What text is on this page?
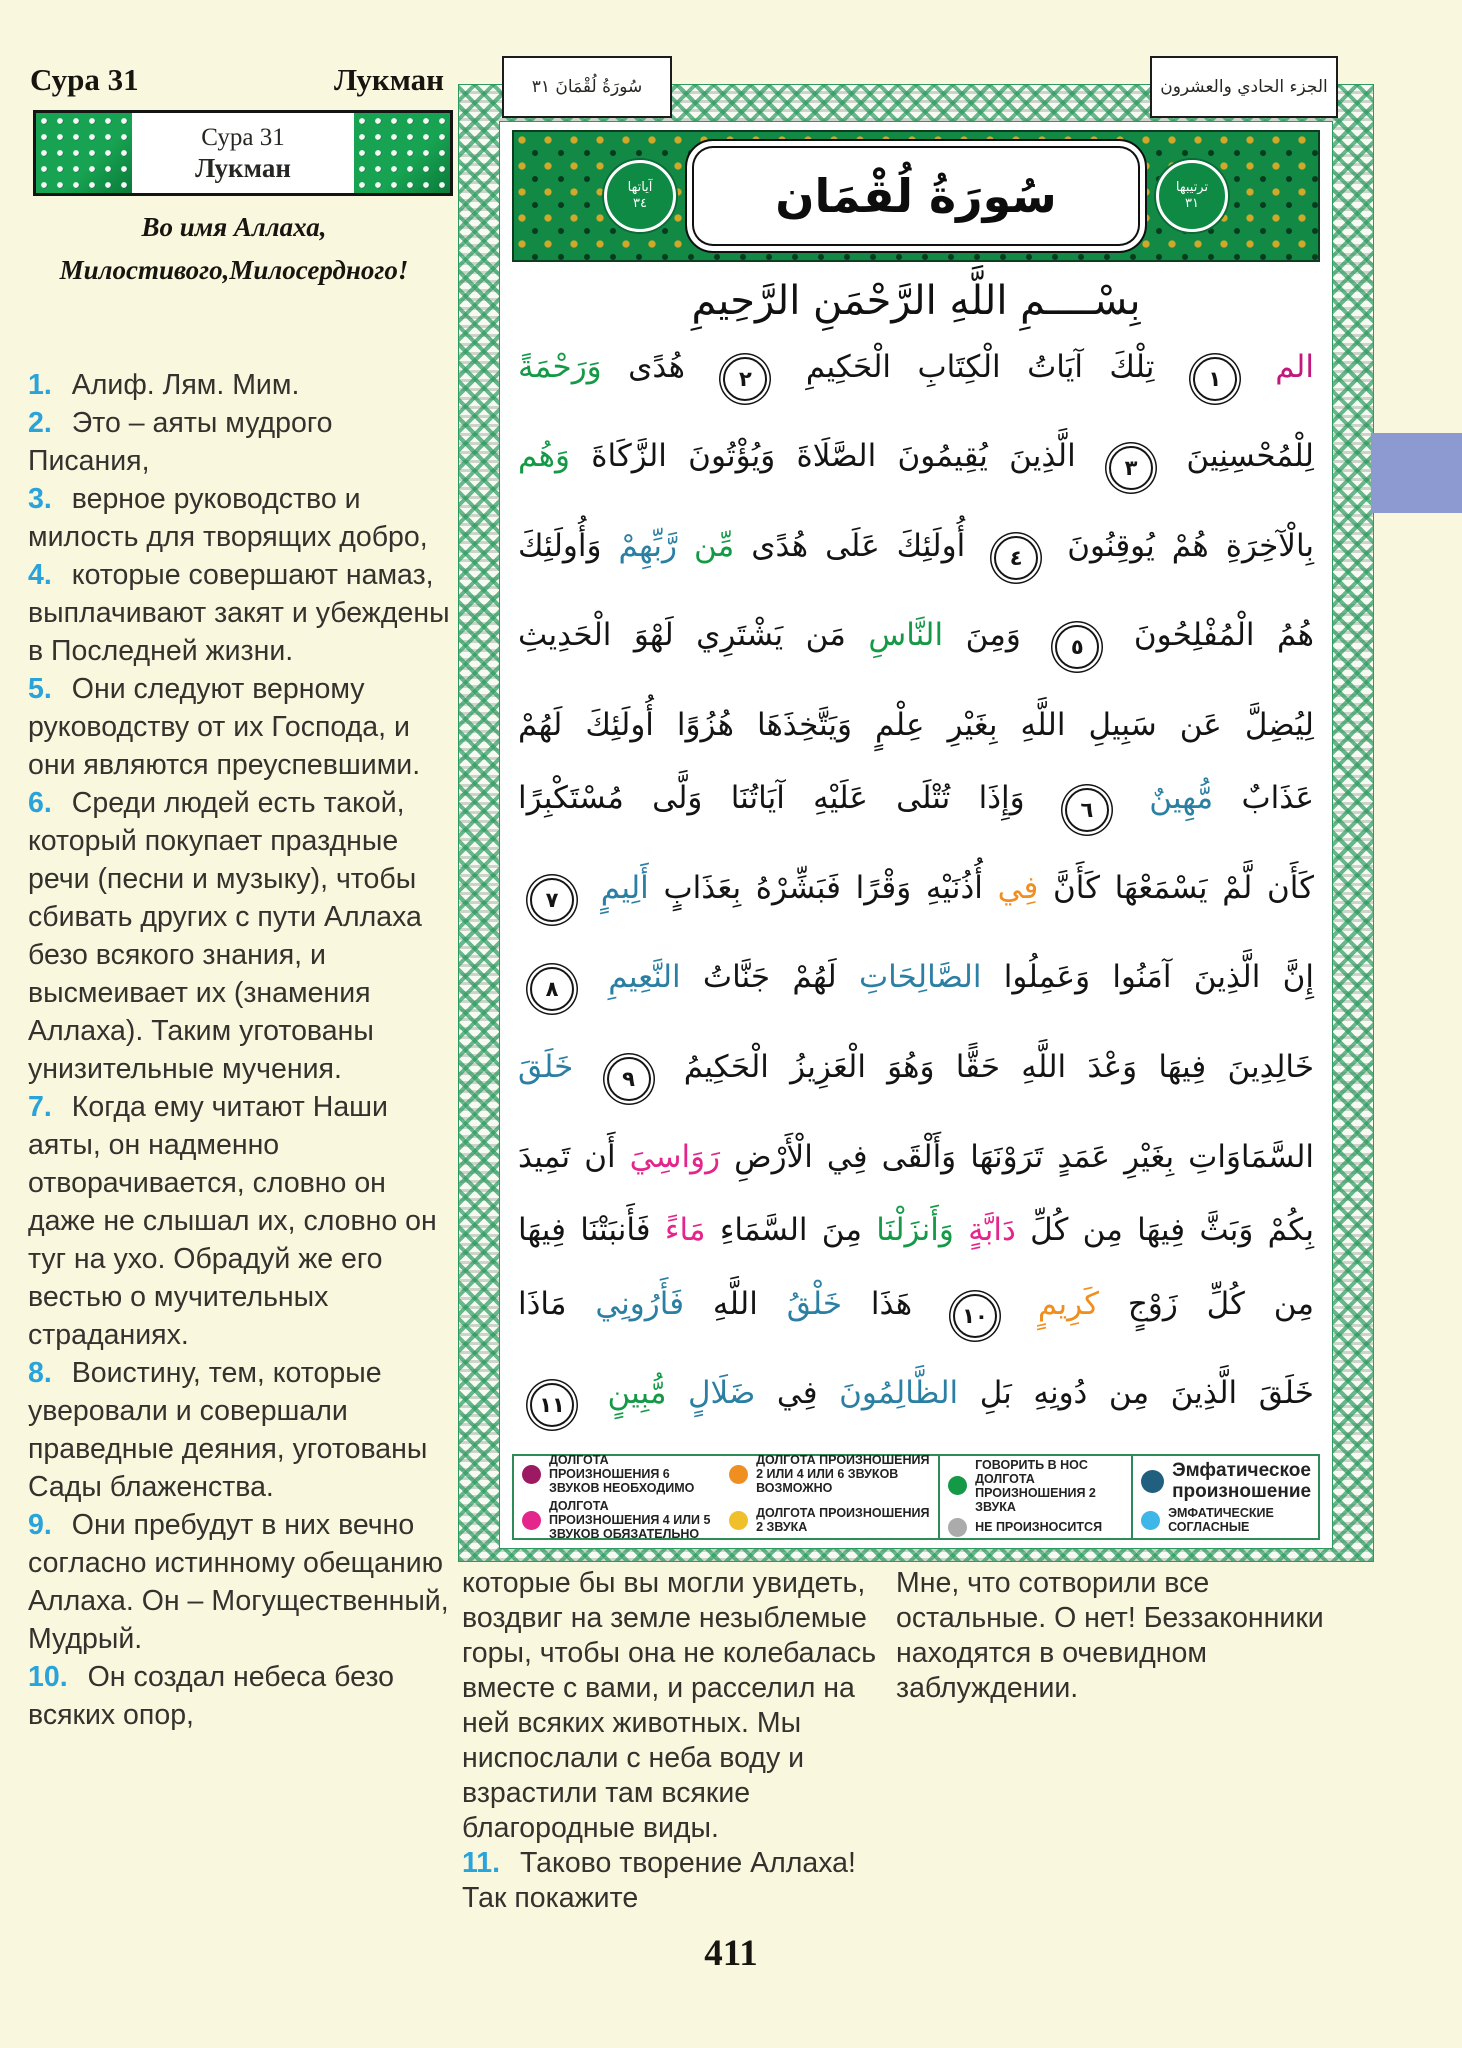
Сура 31	Лукман
Сура 31
Лукман
Во имя Аллаха,
Милостивого,Милосердного!

1. Алиф. Лям. Мим.

2. Это – аяты мудрого Писания,

3. верное руководство и милость для творящих добро,

4. которые совершают намаз, выплачивают закят и убеждены в Последней жизни.

5. Они следуют верному руководству от их Господа, и они являются преуспевшими.

6. Среди людей есть такой, который покупает праздные речи (песни и музыку), чтобы сбивать других с пути Аллаха безо всякого знания, и высмеивает их (знамения Аллаха). Таким уготованы унизительные мучения.

7. Когда ему читают Наши аяты, он надменно отворачивается, словно он даже не слышал их, словно он туг на ухо. Обрадуй же его вестью о мучительных страданиях.

8. Воистину, тем, которые уверовали и совершали праведные деяния, уготованы Сады блаженства.

9. Они пребудут в них вечно согласно истинному обещанию Аллаха. Он – Могущественный, Мудрый.

10. Он создал небеса безо всяких опор,

سُورَةُ لُقْمَانَ ٣١	الجزء الحادي والعشرون
آياتها
٣٤	سُورَةُ لُقْمَان	ترتيبها
٣١
بِسْــــمِ اللَّهِ الرَّحْمَنِ الرَّحِيمِ
الم ١ تِلْكَ آيَاتُ الْكِتَابِ الْحَكِيمِ ٢ هُدًى وَرَحْمَةً
لِلْمُحْسِنِينَ ٣ الَّذِينَ يُقِيمُونَ الصَّلَاةَ وَيُؤْتُونَ الزَّكَاةَ وَهُم
بِالْآخِرَةِ هُمْ يُوقِنُونَ ٤ أُولَئِكَ عَلَى هُدًى مِّن رَّبِّهِمْ وَأُولَئِكَ
هُمُ الْمُفْلِحُونَ ٥ وَمِنَ النَّاسِ مَن يَشْتَرِي لَهْوَ الْحَدِيثِ
لِيُضِلَّ عَن سَبِيلِ اللَّهِ بِغَيْرِ عِلْمٍ وَيَتَّخِذَهَا هُزُوًا أُولَئِكَ لَهُمْ
عَذَابٌ مُّهِينٌ ٦ وَإِذَا تُتْلَى عَلَيْهِ آيَاتُنَا وَلَّى مُسْتَكْبِرًا
كَأَن لَّمْ يَسْمَعْهَا كَأَنَّ فِي أُذُنَيْهِ وَقْرًا فَبَشِّرْهُ بِعَذَابٍ أَلِيمٍ ٧
إِنَّ الَّذِينَ آمَنُوا وَعَمِلُوا الصَّالِحَاتِ لَهُمْ جَنَّاتُ النَّعِيمِ ٨
خَالِدِينَ فِيهَا وَعْدَ اللَّهِ حَقًّا وَهُوَ الْعَزِيزُ الْحَكِيمُ ٩ خَلَقَ
السَّمَاوَاتِ بِغَيْرِ عَمَدٍ تَرَوْنَهَا وَأَلْقَى فِي الْأَرْضِ رَوَاسِيَ أَن تَمِيدَ
بِكُمْ وَبَثَّ فِيهَا مِن كُلِّ دَابَّةٍ وَأَنزَلْنَا مِنَ السَّمَاءِ مَاءً فَأَنبَتْنَا فِيهَا
مِن كُلِّ زَوْجٍ كَرِيمٍ ١٠ هَذَا خَلْقُ اللَّهِ فَأَرُونِي مَاذَا
خَلَقَ الَّذِينَ مِن دُونِهِ بَلِ الظَّالِمُونَ فِي ضَلَالٍ مُّبِينٍ ١١
ДОЛГОТА ПРОИЗНОШЕНИЯ 6 ЗВУКОВ НЕОБХОДИМО
ДОЛГОТА ПРОИЗНОШЕНИЯ 2 ИЛИ 4 ИЛИ 6 ЗВУКОВ ВОЗМОЖНО
ДОЛГОТА ПРОИЗНОШЕНИЯ 4 ИЛИ 5 ЗВУКОВ ОБЯЗАТЕЛЬНО
ДОЛГОТА ПРОИЗНОШЕНИЯ 2 ЗВУКА
ГОВОРИТЬ В НОС ДОЛГОТА ПРОИЗНОШЕНИЯ 2 ЗВУКА
НЕ ПРОИЗНОСИТСЯ
Эмфатическое произношение
ЭМФАТИЧЕСКИЕ СОГЛАСНЫЕ

которые бы вы могли увидеть, воздвиг на земле незыблемые горы, чтобы она не колебалась вместе с вами, и расселил на ней всяких животных. Мы ниспослали с неба воду и взрастили там всякие благородные виды.

11. Таково творение Аллаха! Так покажите

Мне, что сотворили все остальные. О нет! Беззаконники находятся в очевидном заблуждении.

411
